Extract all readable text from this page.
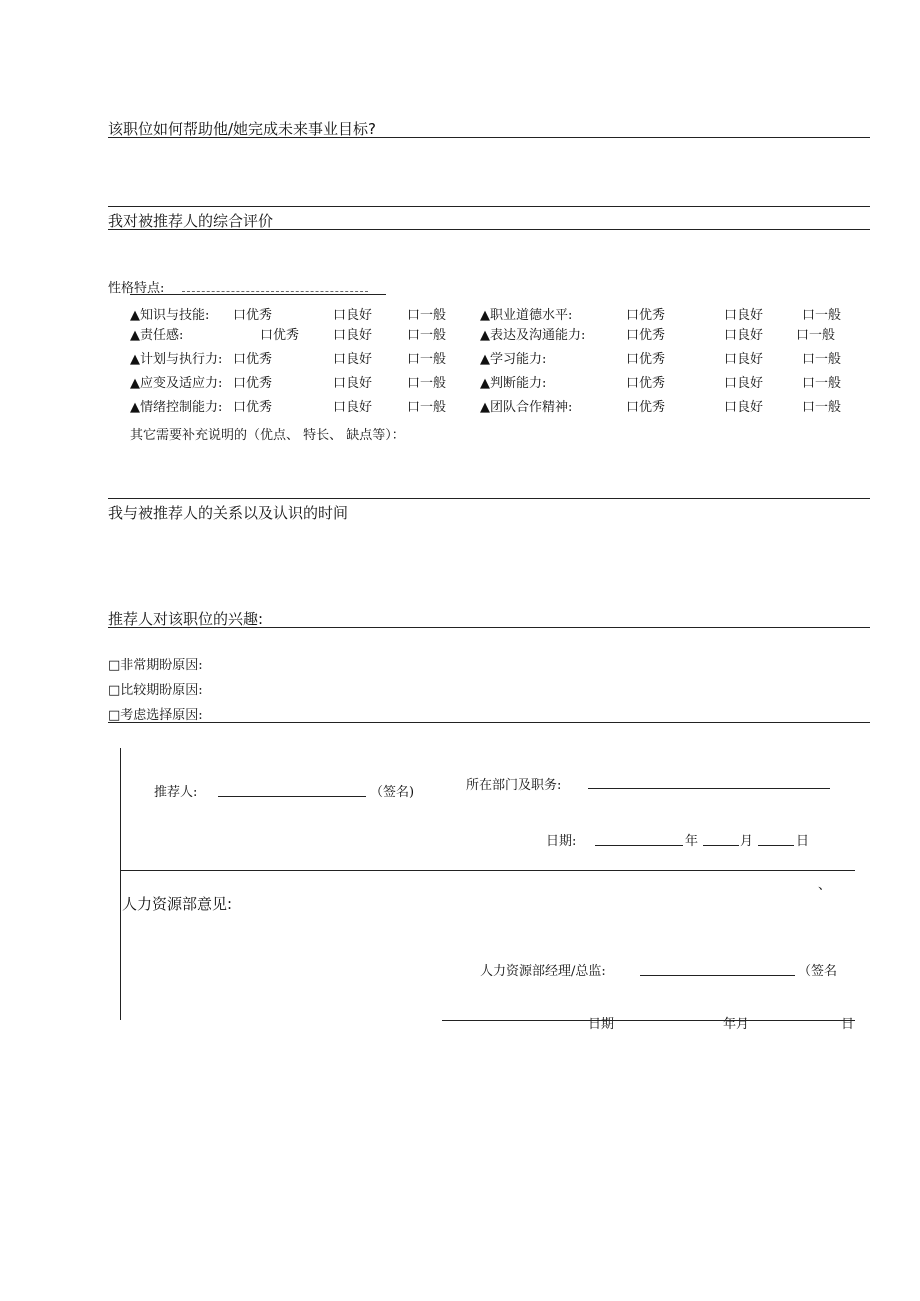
该职位如何帮助他/她完成未来事业目标?
我对被推荐人的综合评价
性格特点:
▲知识与技能: 口优秀	口良好	口一般	▲职业道德水平:	口优秀	口良好	口一般
▲责任感:	口优秀	口良好	口一般	▲表达及沟通能力:	口优秀	口良好	口一般
▲计划与执行力: 口优秀	口良好	口一般	▲学习能力:	口优秀	口良好	口一般
▲应变及适应力: 口优秀	口良好	口一般	▲判断能力:	口优秀	口良好	口一般
▲情绪控制能力: 口优秀	口良好	口一般	▲团队合作精神:	口优秀	口良好	口一般
其它需要补充说明的（优点、 特长、 缺点等）：
我与被推荐人的关系以及认识的时间
推荐人对该职位的兴趣:
□非常期盼原因:
□比较期盼原因:
□考虑选择原因:
推荐人:	（签名)	所在部门及职务:
日期:	年	月	日
、
人力资源部意见:
人力资源部经理/总监:	（签名
日期	年月	日
